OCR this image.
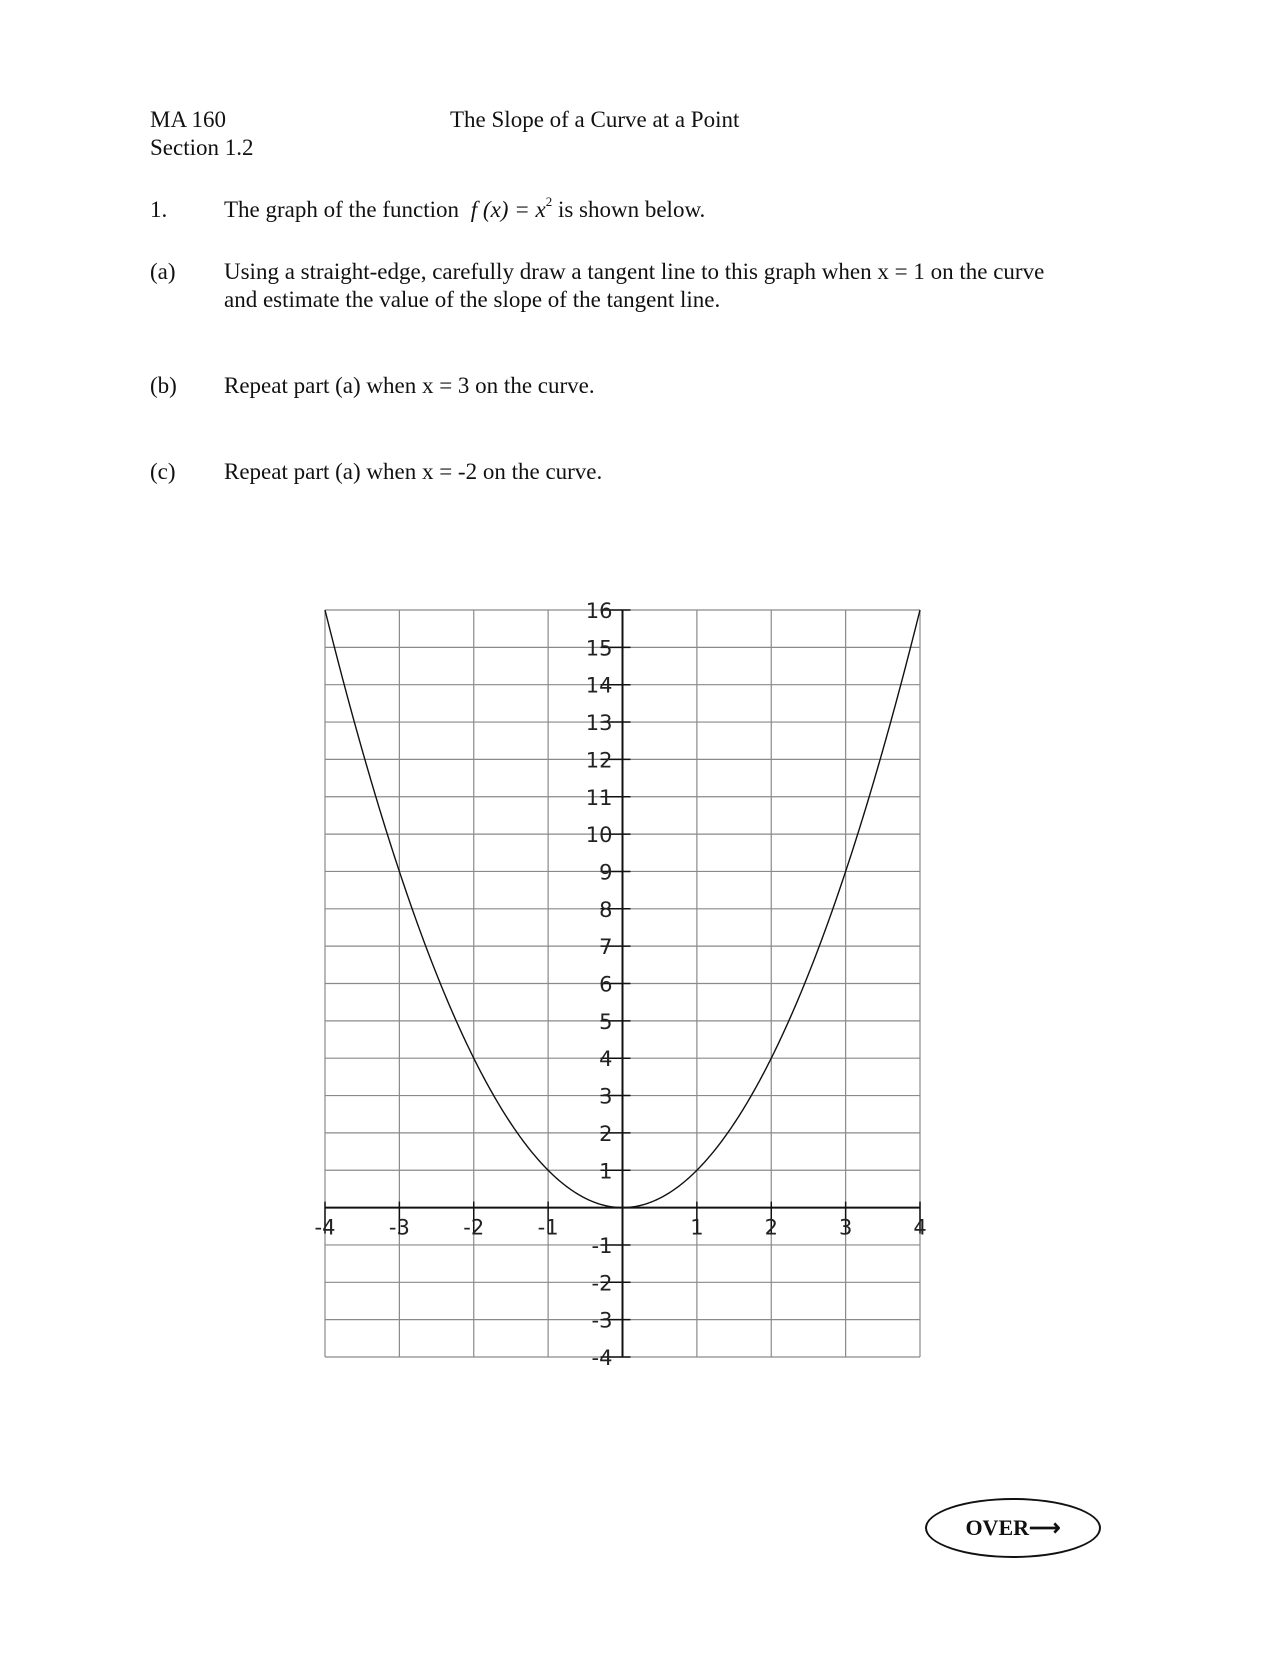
MA 160
Section 1.2
The Slope of a Curve at a Point
1. The graph of the function f $(x) = x^2$ is shown below.
(a) Using a straight-edge, carefully draw a tangent line to this graph when x = 1 on the curve
and estimate the value of the slope of the tangent line.
(b) Repeat part (a) when x = 3 on the curve.
(c) Repeat part (a) when x = -2 on the curve.
16
15
14
13
12
11
10
9
8
7
6
5
4
3
2
1
-1
-2
-3
-4
-4	-3	-2	-1	1	2	3	4
OVER ⟶
